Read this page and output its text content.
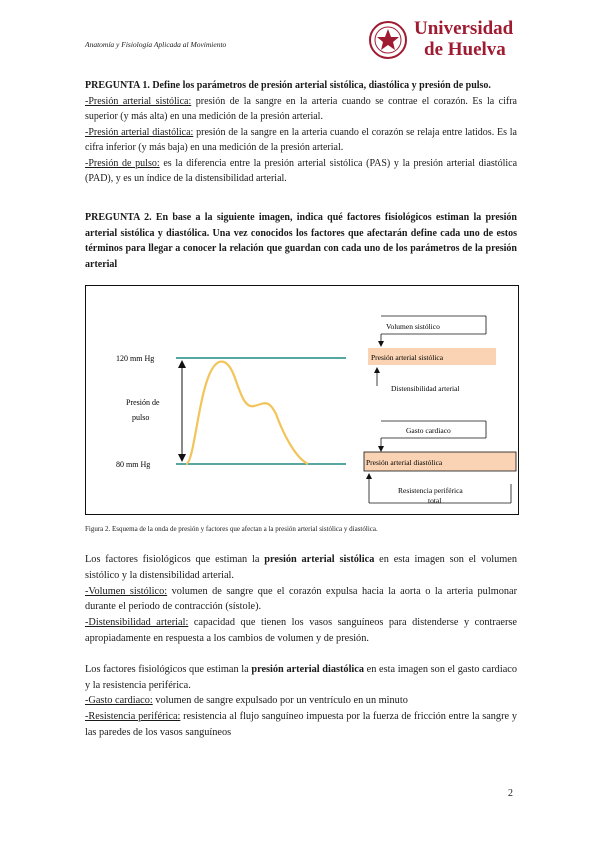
Anatomía y Fisiología Aplicada al Movimiento
Universidad
de Huelva

PREGUNTA 1. Define los parámetros de presión arterial sistólica, diastólica y presión de pulso.

-Presión arterial sistólica: presión de la sangre en la arteria cuando se contrae el corazón. Es la cifra superior (y más alta) en una medición de la presión arterial.

-Presión arterial diastólica: presión de la sangre en la arteria cuando el corazón se relaja entre latidos. Es la cifra inferior (y más baja) en una medición de la presión arterial.

-Presión de pulso: es la diferencia entre la presión arterial sistólica (PAS) y la presión arterial diastólica (PAD), y es un índice de la distensibilidad arterial.

PREGUNTA 2. En base a la siguiente imagen, indica qué factores fisiológicos estiman la presión arterial sistólica y diastólica. Una vez conocidos los factores que afectarán define cada uno de estos términos para llegar a conocer la relación que guardan con cada uno de los parámetros de la presión arterial

120 mm Hg
80 mm Hg
Presión de
pulso
Volumen sistólico
Presión arterial sistólica
Distensibilidad arterial
Gasto cardiaco
Presión arterial diastólica
Resistencia periférica
total
Figura 2. Esquema de la onda de presión y factores que afectan a la presión arterial sistólica y diastólica.

Los factores fisiológicos que estiman la presión arterial sistólica en esta imagen son el volumen sistólico y la distensibilidad arterial.

-Volumen sistólico: volumen de sangre que el corazón expulsa hacia la aorta o la arteria pulmonar durante el periodo de contracción (sístole).

-Distensibilidad arterial: capacidad que tienen los vasos sanguíneos para distenderse y contraerse apropiadamente en respuesta a los cambios de volumen y de presión.

Los factores fisiológicos que estiman la presión arterial diastólica en esta imagen son el gasto cardiaco y la resistencia periférica.

-Gasto cardiaco: volumen de sangre expulsado por un ventrículo en un minuto

-Resistencia periférica: resistencia al flujo sanguíneo impuesta por la fuerza de fricción entre la sangre y las paredes de los vasos sanguíneos

2
